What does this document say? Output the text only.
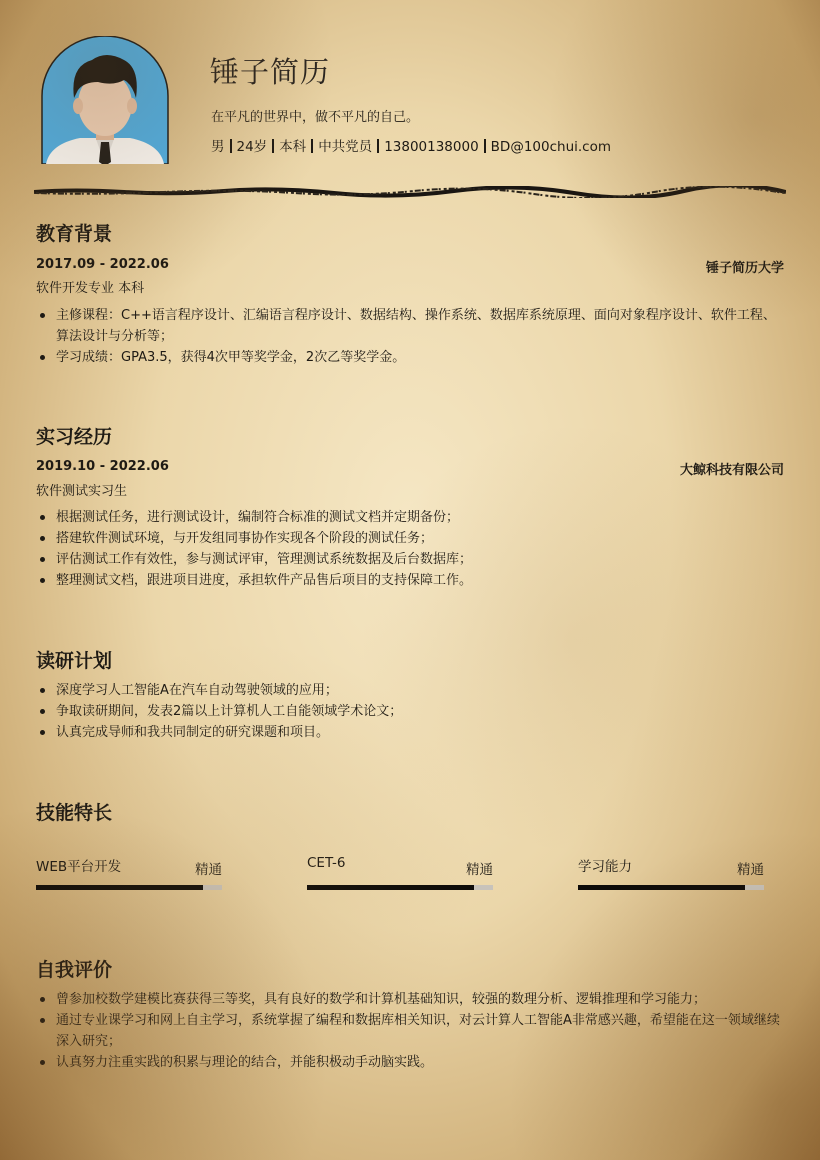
锤子简历
在平凡的世界中，做不平凡的自己。
男 24岁 本科 中共党员 13800138000 BD@100chui.com
教育背景
2017.09 - 2022.06	锤子简历大学
软件开发专业 本科
主修课程：C++语言程序设计、汇编语言程序设计、数据结构、操作系统、数据库系统原理、面向对象程序设计、软件工程、算法设计与分析等；
学习成绩：GPA3.5，获得4次甲等奖学金，2次乙等奖学金。
实习经历
2019.10 - 2022.06	大鲸科技有限公司
软件测试实习生
根据测试任务，进行测试设计，编制符合标准的测试文档并定期备份；
搭建软件测试环境，与开发组同事协作实现各个阶段的测试任务；
评估测试工作有效性，参与测试评审，管理测试系统数据及后台数据库；
整理测试文档，跟进项目进度，承担软件产品售后项目的支持保障工作。
读研计划
深度学习人工智能A在汽车自动驾驶领域的应用；
争取读研期间，发表2篇以上计算机人工自能领域学术论文；
认真完成导师和我共同制定的研究课题和项目。
技能特长
WEB平台开发	精通	CET-6	精通	学习能力	精通
自我评价
曾参加校数学建模比赛获得三等奖，具有良好的数学和计算机基础知识，较强的数理分析、逻辑推理和学习能力；
通过专业课学习和网上自主学习，系统掌握了编程和数据库相关知识，对云计算人工智能A非常感兴趣，希望能在这一领域继续深入研究；
认真努力注重实践的积累与理论的结合，并能积极动手动脑实践。
